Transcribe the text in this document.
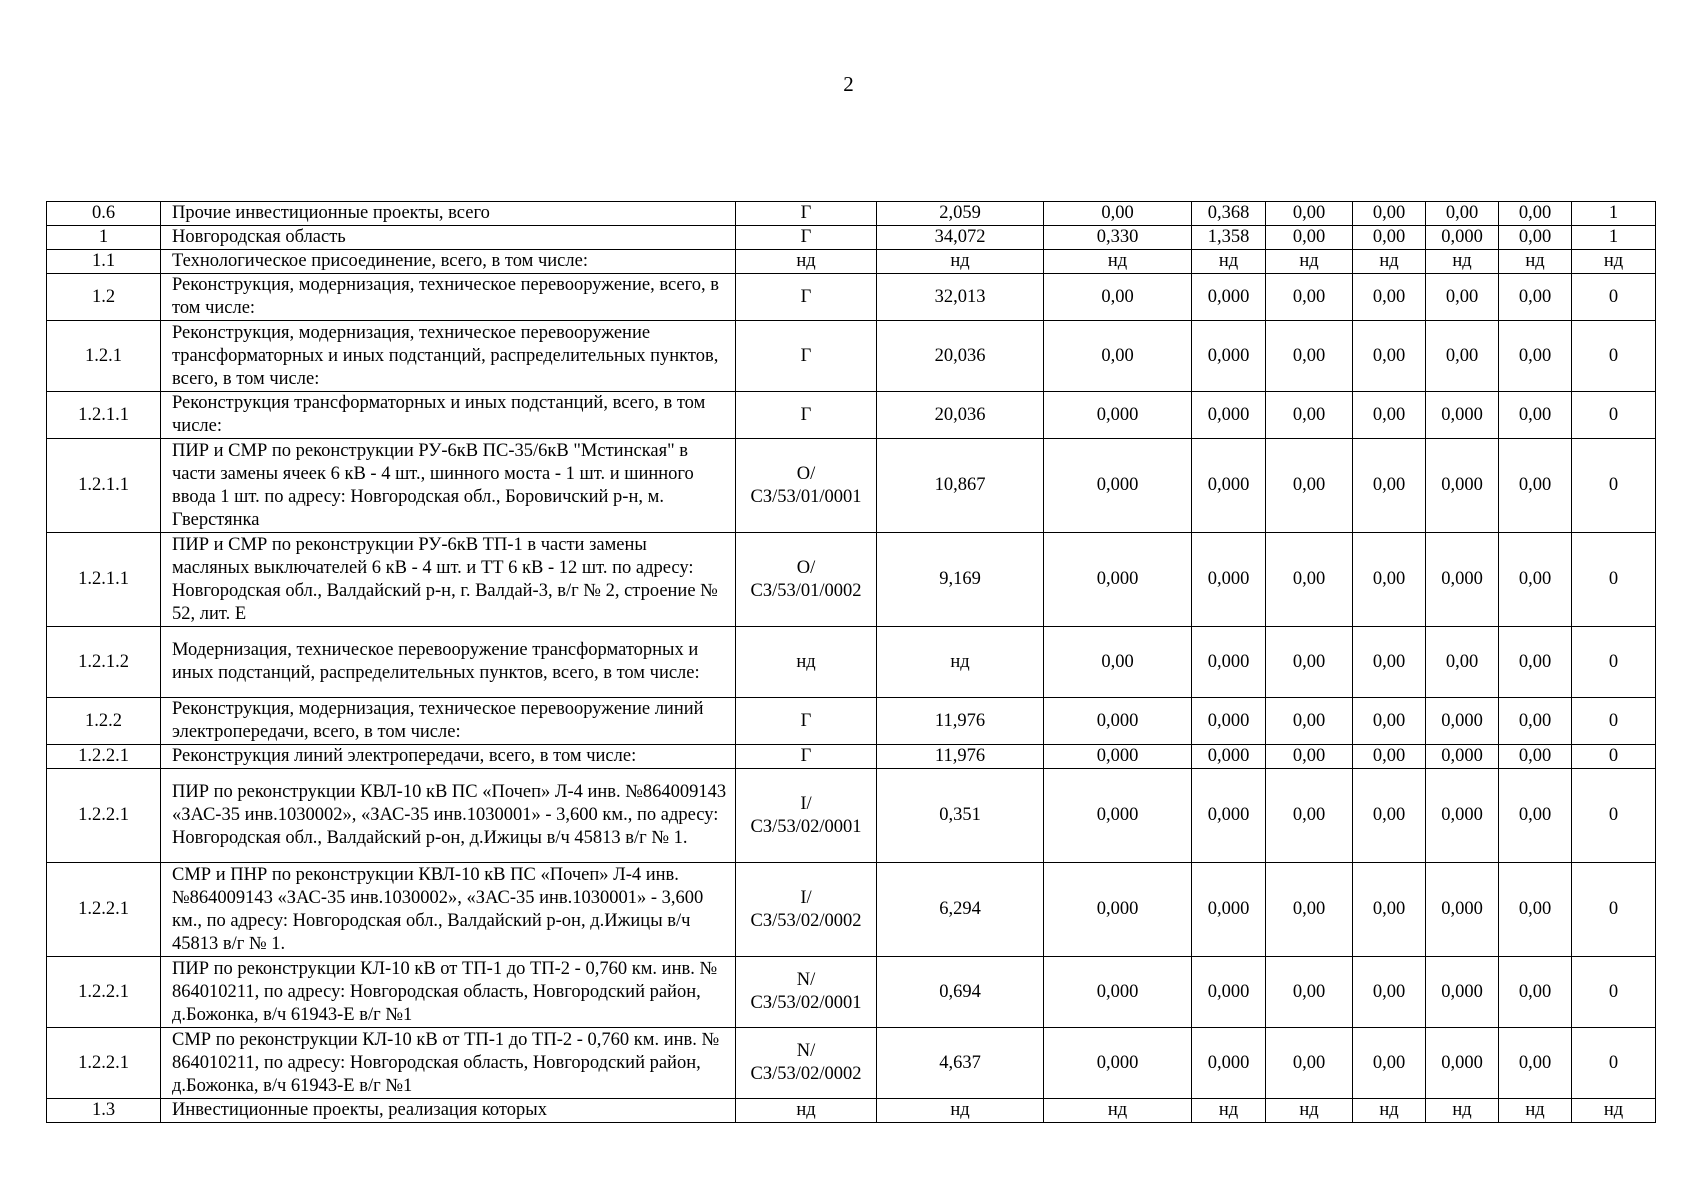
2
0.6	Прочие инвестиционные проекты, всего	Г	2,059	0,00	0,368	0,00	0,00	0,00	0,00	1
1	Новгородская область	Г	34,072	0,330	1,358	0,00	0,00	0,000	0,00	1
1.1	Технологическое присоединение, всего, в том числе:	нд	нд	нд	нд	нд	нд	нд	нд	нд
1.2	Реконструкция, модернизация, техническое перевооружение, всего, в том числе:	Г	32,013	0,00	0,000	0,00	0,00	0,00	0,00	0
1.2.1	Реконструкция, модернизация, техническое перевооружение трансформаторных и иных подстанций, распределительных пунктов, всего, в том числе:	Г	20,036	0,00	0,000	0,00	0,00	0,00	0,00	0
1.2.1.1	Реконструкция трансформаторных и иных подстанций, всего, в том числе:	Г	20,036	0,000	0,000	0,00	0,00	0,000	0,00	0
1.2.1.1	ПИР и СМР по реконструкции РУ-6кВ ПС-35/6кВ "Мстинская" в части замены ячеек 6 кВ - 4 шт., шинного моста - 1 шт. и шинного ввода 1 шт. по адресу: Новгородская обл., Боровичский р-н, м. Гверстянка	O/СЗ/53/01/0001	10,867	0,000	0,000	0,00	0,00	0,000	0,00	0
1.2.1.1	ПИР и СМР по реконструкции РУ-6кВ ТП-1 в части замены масляных выключателей 6 кВ - 4 шт. и ТТ 6 кВ - 12 шт. по адресу: Новгородская обл., Валдайский р-н, г. Валдай-3, в/г № 2, строение № 52, лит. Е	O/СЗ/53/01/0002	9,169	0,000	0,000	0,00	0,00	0,000	0,00	0
1.2.1.2	Модернизация, техническое перевооружение трансформаторных и иных подстанций, распределительных пунктов, всего, в том числе:	нд	нд	0,00	0,000	0,00	0,00	0,00	0,00	0
1.2.2	Реконструкция, модернизация, техническое перевооружение линий электропередачи, всего, в том числе:	Г	11,976	0,000	0,000	0,00	0,00	0,000	0,00	0
1.2.2.1	Реконструкция линий электропередачи, всего, в том числе:	Г	11,976	0,000	0,000	0,00	0,00	0,000	0,00	0
1.2.2.1	ПИР по реконструкции КВЛ-10 кВ ПС «Почеп» Л-4 инв. №864009143 «ЗАС-35 инв.1030002», «ЗАС-35 инв.1030001» - 3,600 км., по адресу: Новгородская обл., Валдайский р-он, д.Ижицы в/ч 45813 в/г № 1.	I/СЗ/53/02/0001	0,351	0,000	0,000	0,00	0,00	0,000	0,00	0
1.2.2.1	СМР и ПНР по реконструкции КВЛ-10 кВ ПС «Почеп» Л-4 инв. №864009143 «ЗАС-35 инв.1030002», «ЗАС-35 инв.1030001» - 3,600 км., по адресу: Новгородская обл., Валдайский р-он, д.Ижицы в/ч 45813 в/г № 1.	I/СЗ/53/02/0002	6,294	0,000	0,000	0,00	0,00	0,000	0,00	0
1.2.2.1	ПИР по реконструкции КЛ-10 кВ от ТП-1 до ТП-2 - 0,760 км. инв. № 864010211, по адресу: Новгородская область, Новгородский район, д.Божонка, в/ч 61943-Е в/г №1	N/СЗ/53/02/0001	0,694	0,000	0,000	0,00	0,00	0,000	0,00	0
1.2.2.1	СМР по реконструкции КЛ-10 кВ от ТП-1 до ТП-2 - 0,760 км. инв. № 864010211, по адресу: Новгородская область, Новгородский район, д.Божонка, в/ч 61943-Е в/г №1	N/СЗ/53/02/0002	4,637	0,000	0,000	0,00	0,00	0,000	0,00	0
1.3	Инвестиционные проекты, реализация которых	нд	нд	нд	нд	нд	нд	нд	нд	нд
